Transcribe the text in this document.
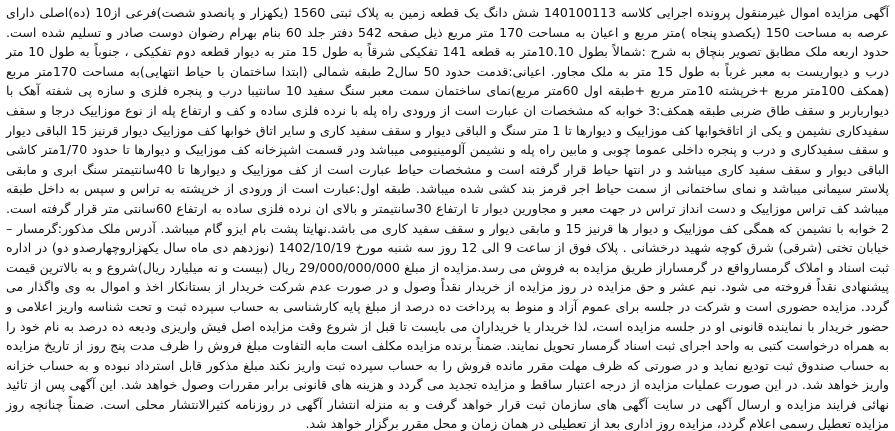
آگهی مزایده اموال غیرمنقول پرونده اجرایی کلاسه 140100113 شش دانگ یک قطعه زمین به پلاک ثبتی 1560 (یکهزار و پانصدو شصت)فرعی از10 (ده)اصلی دارای عرصه به مساحت 150 (یکصدو پنجاه )متر مربع و اعیان به مساحت 170 متر مربع ذیل صفحه 542 دفتر جلد 60 بنام بهرام رضوان دوست صادر و تسلیم شده است. حدود اربعه ملک مطابق تصویر بنچاق به شرح :شمالاً بطول 10.10متر به قطعه 141 تفکیکی شرقاً به طول 15 متر به دیوار قطعه دوم تفکیکی ، جنوباً به طول 10 متر درب و دیواریست به معبر غرباً به طول 15 متر به ملک مجاور. اعیانی:قدمت حدود 50 سال2 طبقه شمالی (ابتدا ساختمان با حیاط انتهایی)به مساحت 170متر مربع (همکف 100متر مربع +خرپشته 10متر مربع +طبقه اول 60متر مربع)نمای ساختمان سمت معبر سنگ سفید 10 سانتیبا درب و پنجره فلزی و سازه پی شفته آهک با دیوارباربر و سقف طاق ضربی طبقه همکف:3 خوابه که مشخصات ان عبارت است از ورودی راه پله با نرده فلزی ساده و کف و ارتفاع پله از نوع موزاییک درجا و سقف سفیدکاری نشیمن و یکی از اتاقخوابها کف موزاییک و دیوارها تا 1 متر سنگ و الباقی دیوار و سقف سفید کاری و سایر اتاق خوابها کف موزاییک دیوار قرنیز 15 الباقی دیوار و سقف سفیدکاری و درب و پنجره داخلی عموما چوبی و مابین راه پله و نشیمن آلومینیومی میباشد ودر قسمت اشپزخانه کف موزاییک و دیوارها تا حدود 1/70متر کاشی الباقی دیوار و سقف سفید کاری میباشد و در انتها حیاط قرار گرفته است و مشخصات حیاط عبارت است از کف موزاییک و دیوارها تا 40سانتیمتر سنگ ابری و مابقی پلاستر سیمانی میباشد و نمای ساختمانی از سمت حیاط اجر قرمز بند کشی شده میباشد. طبقه اول:عبارت است از ورودی از خرپشته به تراس و سپس به داخل طبقه میباشد کف تراس موزاییک و دست انداز تراس در جهت معبر و مجاورین دیوار تا ارتفاع 30سانتیمتر و بالای ان نرده فلزی ساده به ارتفاع 60سانتی متر قرار گرفته است. 2 خوابه با نشیمن که همگی کف موزاییک و دیوار ها قرنیز 15 و مابقی دیوار و سقف سفید کاری می باشد.نهایتا پشت بام ایزو گام میباشد. آدرس ملک مذکور:گرمسار – خیابان تختی (شرقی) شرق کوچه شهید درخشانی . پلاک فوق از ساعت 9 الی 12 روز سه شنبه مورخ 1402/10/19 (نوزدهم دی ماه سال یکهزاروچهارصدو دو) در اداره ثبت اسناد و املاک گرمسارواقع در گرمساراز طریق مزایده به فروش می رسد.مزایده از مبلغ 29/000/000/000 ریال (بیست و نه میلیارد ریال)شروع و به بالاترین قیمت پیشنهادی نقداً فروخته می شود. نیم عشر و حق مزایده در روز مزایده از خریدار نقداً وصول و در صورت عدم شرکت خریدار از بستانکار اخذ و اموال به وی واگذار می گردد. مزایده حضوری است و شرکت در جلسه برای عموم آزاد و منوط به پرداخت ده درصد از مبلغ پایه کارشناسی به حساب سپرده ثبت و تحت شناسه واریز اعلامی و حضور خریدار با نماینده قانونی او در جلسه مزایده است، لذا خریدار یا خریداران می بایست تا قبل از شروع وقت مزایده اصل فیش واریزی ودیعه ده درصد به نام خود را به همراه درخواست کتبی به واحد اجرای ثبت اسناد گرمسار تحویل نمایند. ضمناً برنده مزایده مکلف است مابه التفاوت مبلغ فروش را ظرف مدت پنج روز از تاریخ مزایده به حساب صندوق ثبت تودیع نماید و در صورتی که ظرف مهلت مقرر مانده فروش را به حساب سپرده ثبت واریز نکند مبلغ مذکور قابل استرداد نبوده و به حساب خزانه واریز خواهد شد. در این صورت عملیات مزایده از درجه اعتبار ساقط و مزایده تجدید می گردد و هزینه های قانونی برابر مقررات وصول خواهد شد. این آگهی پس از تائید نهائی فرایند مزایده و ارسال آگهی در سایت آگهی های سازمان ثبت قرار خواهد گرفت و به منزله انتشار آگهی در روزنامه کثیرالانتشار محلی است. ضمناً چنانچه روز مزایده تعطیل رسمی اعلام گردد، مزایده روز اداری بعد از تعطیلی در همان زمان و محل مقرر برگزار خواهد شد.
